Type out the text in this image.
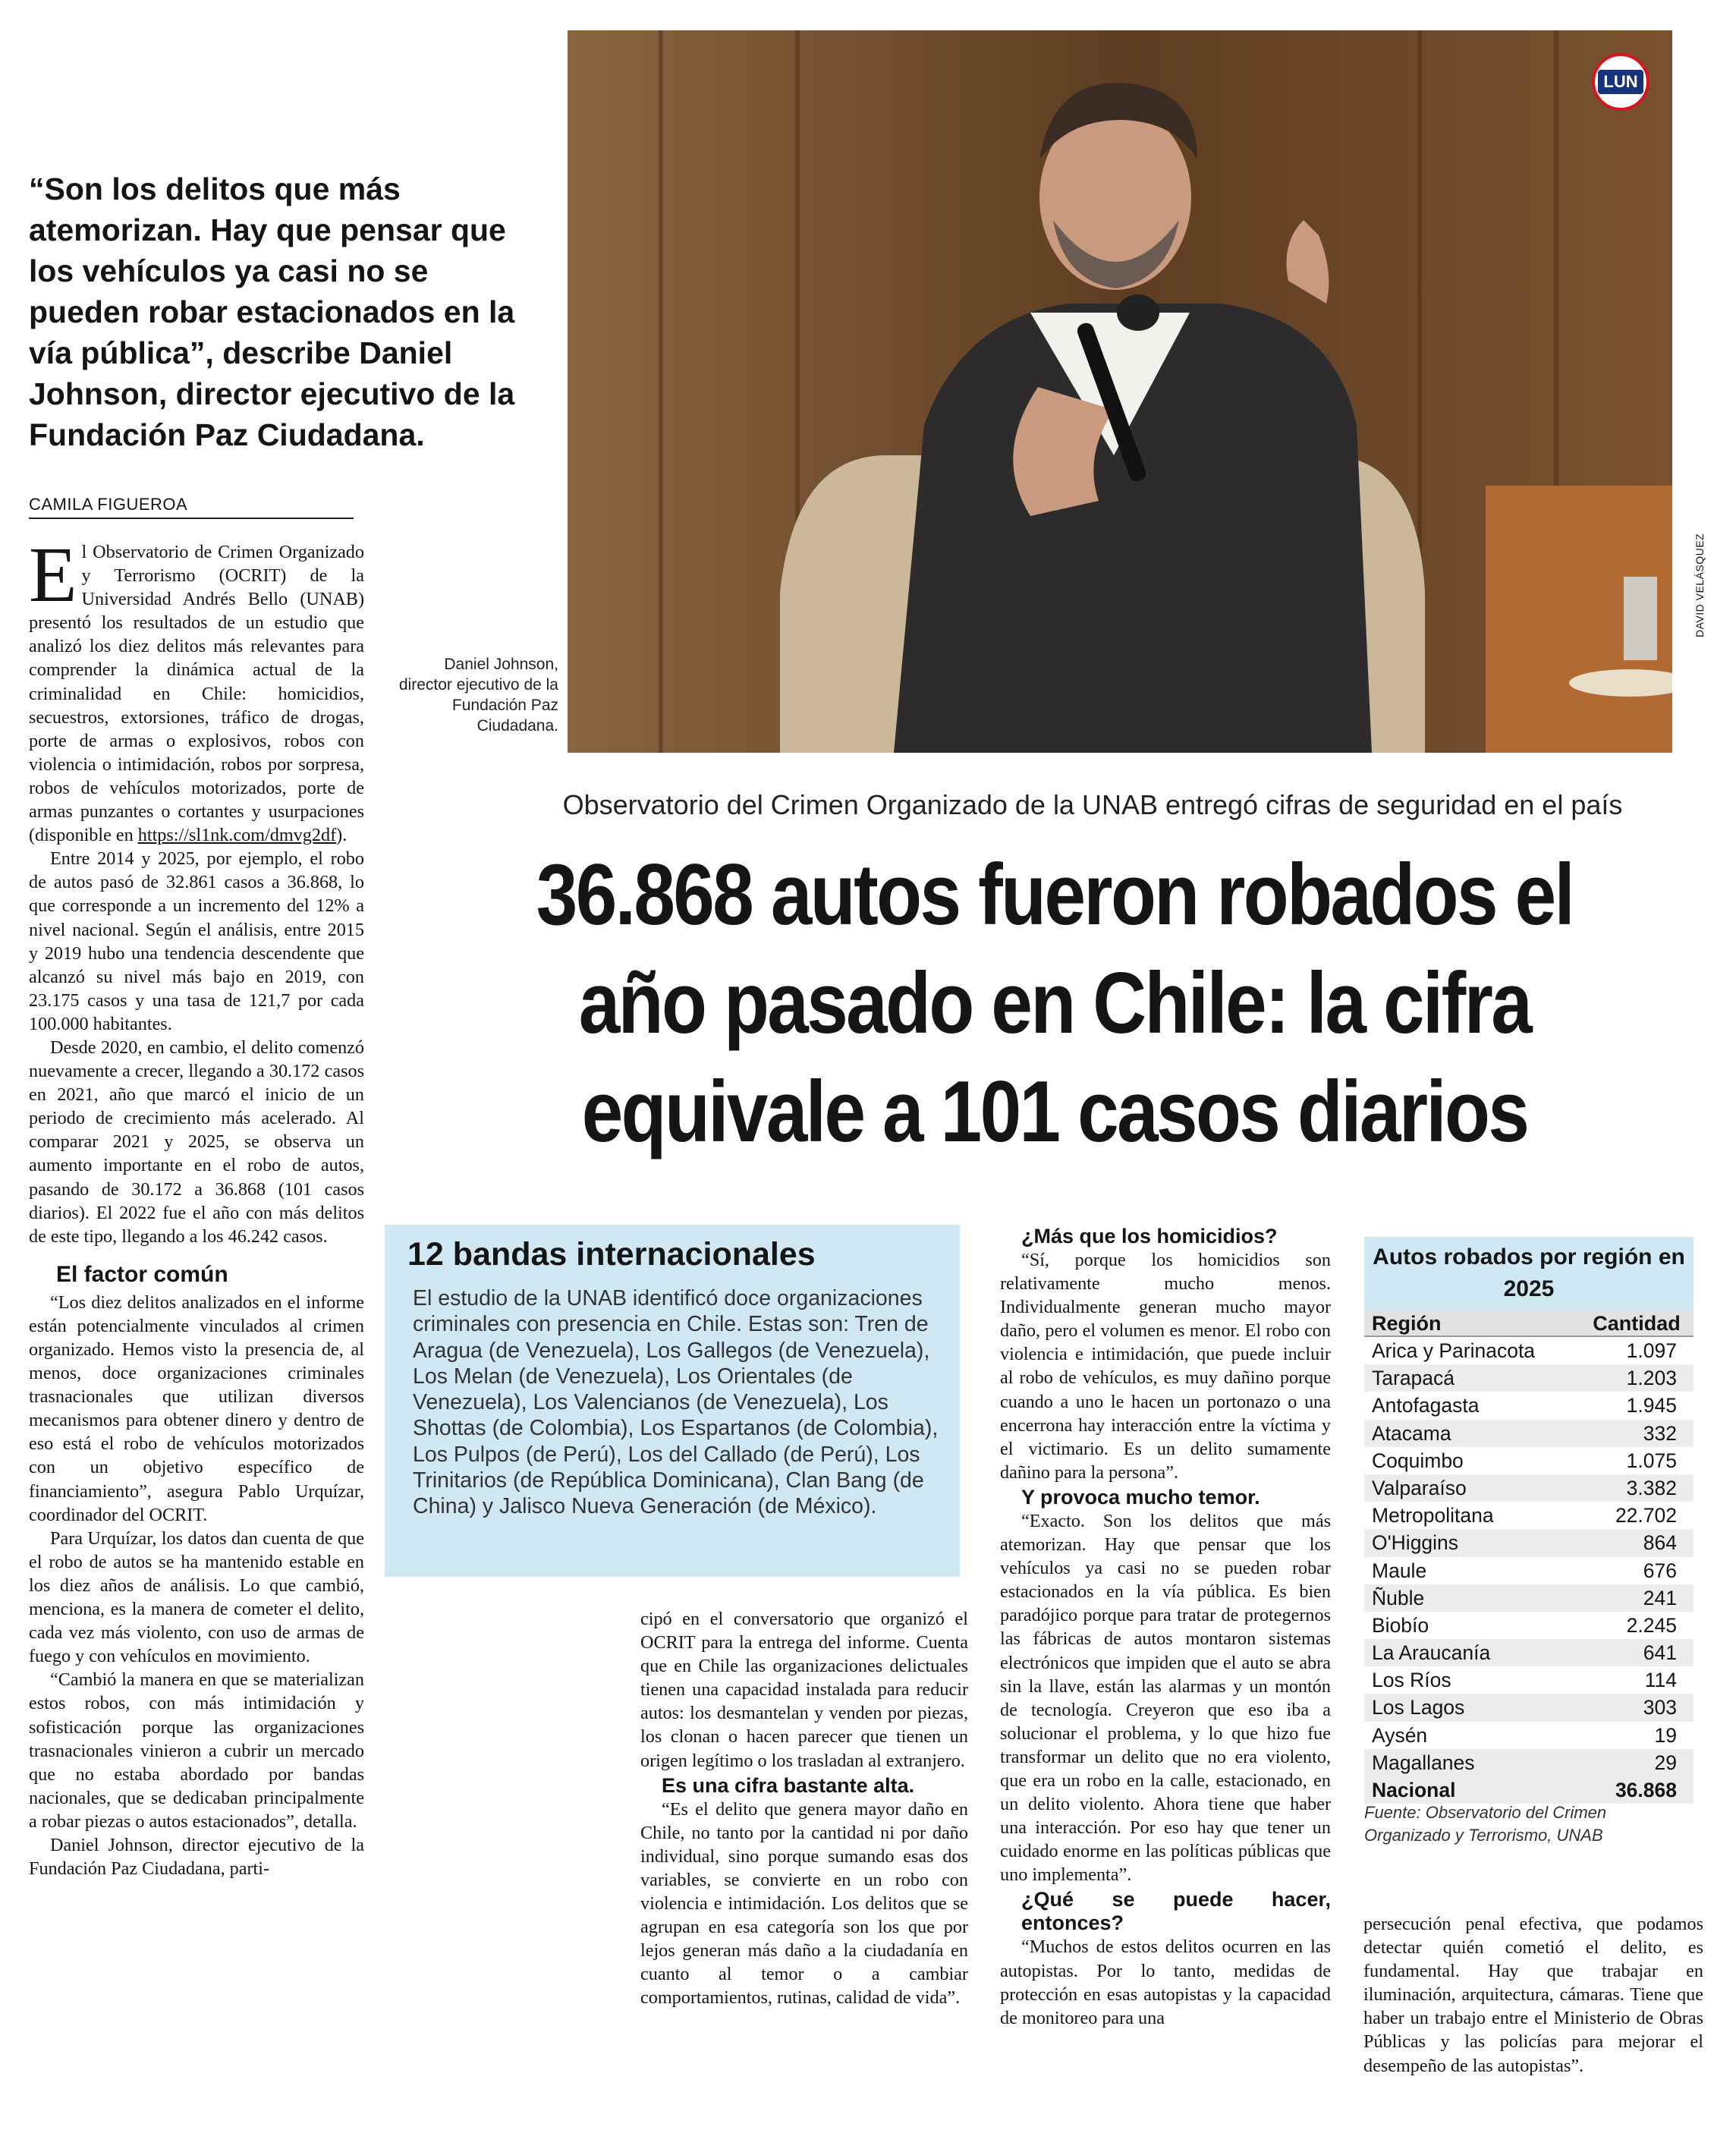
“Son los delitos que más atemorizan. Hay que pensar que los vehículos ya casi no se pueden robar estacionados en la vía pública”, describe Daniel Johnson, director ejecutivo de la Fundación Paz Ciudadana.
CAMILA FIGUEROA
LUN
DAVID VELÁSQUEZ
Daniel Johnson, director ejecutivo de la Fundación Paz Ciudadana.
Observatorio del Crimen Organizado de la UNAB entregó cifras de seguridad en el país
36.868 autos fueron robados el año pasado en Chile: la cifra equivale a 101 casos diarios

El Observatorio de Crimen Organizado y Terrorismo (OCRIT) de la Universidad Andrés Bello (UNAB) presentó los resultados de un estudio que analizó los diez delitos más relevantes para comprender la dinámica actual de la criminalidad en Chile: homicidios, secuestros, extorsiones, tráfico de drogas, porte de armas o explosivos, robos con violencia o intimidación, robos por sorpresa, robos de vehículos motorizados, porte de armas punzantes o cortantes y usurpaciones (disponible en https://sl1nk.com/dmvg2df).

Entre 2014 y 2025, por ejemplo, el robo de autos pasó de 32.861 casos a 36.868, lo que corresponde a un incremento del 12% a nivel nacional. Según el análisis, entre 2015 y 2019 hubo una tendencia descendente que alcanzó su nivel más bajo en 2019, con 23.175 casos y una tasa de 121,7 por cada 100.000 habitantes.

Desde 2020, en cambio, el delito comenzó nuevamente a crecer, llegando a 30.172 casos en 2021, año que marcó el inicio de un periodo de crecimiento más acelerado. Al comparar 2021 y 2025, se observa un aumento importante en el robo de autos, pasando de 30.172 a 36.868 (101 casos diarios). El 2022 fue el año con más delitos de este tipo, llegando a los 46.242 casos.

El factor común

“Los diez delitos analizados en el informe están potencialmente vinculados al crimen organizado. Hemos visto la presencia de, al menos, doce organizaciones criminales trasnacionales que utilizan diversos mecanismos para obtener dinero y dentro de eso está el robo de vehículos motorizados con un objetivo específico de financiamiento”, asegura Pablo Urquízar, coordinador del OCRIT.

Para Urquízar, los datos dan cuenta de que el robo de autos se ha mantenido estable en los diez años de análisis. Lo que cambió, menciona, es la manera de cometer el delito, cada vez más violento, con uso de armas de fuego y con vehículos en movimiento.

“Cambió la manera en que se materializan estos robos, con más intimidación y sofisticación porque las organizaciones trasnacionales vinieron a cubrir un mercado que no estaba abordado por bandas nacionales, que se dedicaban principalmente a robar piezas o autos estacionados”, detalla.

Daniel Johnson, director ejecutivo de la Fundación Paz Ciudadana, parti-

12 bandas internacionales
El estudio de la UNAB identificó doce organizaciones criminales con presencia en Chile. Estas son: Tren de Aragua (de Venezuela), Los Gallegos (de Venezuela), Los Melan (de Venezuela), Los Orientales (de Venezuela), Los Valencianos (de Venezuela), Los Shottas (de Colombia), Los Espartanos (de Colombia), Los Pulpos (de Perú), Los del Callado (de Perú), Los Trinitarios (de República Dominicana), Clan Bang (de China) y Jalisco Nueva Generación (de México).

cipó en el conversatorio que organizó el OCRIT para la entrega del informe. Cuenta que en Chile las organizaciones delictuales tienen una capacidad instalada para reducir autos: los desmantelan y venden por piezas, los clonan o hacen parecer que tienen un origen legítimo o los trasladan al extranjero.

Es una cifra bastante alta.

“Es el delito que genera mayor daño en Chile, no tanto por la cantidad ni por daño individual, sino porque sumando esas dos variables, se convierte en un robo con violencia e intimidación. Los delitos que se agrupan en esa categoría son los que por lejos generan más daño a la ciudadanía en cuanto al temor o a cambiar comportamientos, rutinas, calidad de vida”.

¿Más que los homicidios?

“Sí, porque los homicidios son relativamente mucho menos. Individualmente generan mucho mayor daño, pero el volumen es menor. El robo con violencia e intimidación, que puede incluir al robo de vehículos, es muy dañino porque cuando a uno le hacen un portonazo o una encerrona hay interacción entre la víctima y el victimario. Es un delito sumamente dañino para la persona”.

Y provoca mucho temor.

“Exacto. Son los delitos que más atemorizan. Hay que pensar que los vehículos ya casi no se pueden robar estacionados en la vía pública. Es bien paradójico porque para tratar de protegernos las fábricas de autos montaron sistemas electrónicos que impiden que el auto se abra sin la llave, están las alarmas y un montón de tecnología. Creyeron que eso iba a solucionar el problema, y lo que hizo fue transformar un delito que no era violento, que era un robo en la calle, estacionado, en un delito violento. Ahora tiene que haber una interacción. Por eso hay que tener un cuidado enorme en las políticas públicas que uno implementa”.

¿Qué se puede hacer, entonces?

“Muchos de estos delitos ocurren en las autopistas. Por lo tanto, medidas de protección en esas autopistas y la capacidad de monitoreo para una

persecución penal efectiva, que podamos detectar quién cometió el delito, es fundamental. Hay que trabajar en iluminación, arquitectura, cámaras. Tiene que haber un trabajo entre el Ministerio de Obras Públicas y las policías para mejorar el desempeño de las autopistas”.

Autos robados por región en 2025
Región	Cantidad
Arica y Parinacota	1.097
Tarapacá	1.203
Antofagasta	1.945
Atacama	332
Coquimbo	1.075
Valparaíso	3.382
Metropolitana	22.702
O'Higgins	864
Maule	676
Ñuble	241
Biobío	2.245
La Araucanía	641
Los Ríos	114
Los Lagos	303
Aysén	19
Magallanes	29
Nacional	36.868
Fuente: Observatorio del Crimen Organizado y Terrorismo, UNAB
